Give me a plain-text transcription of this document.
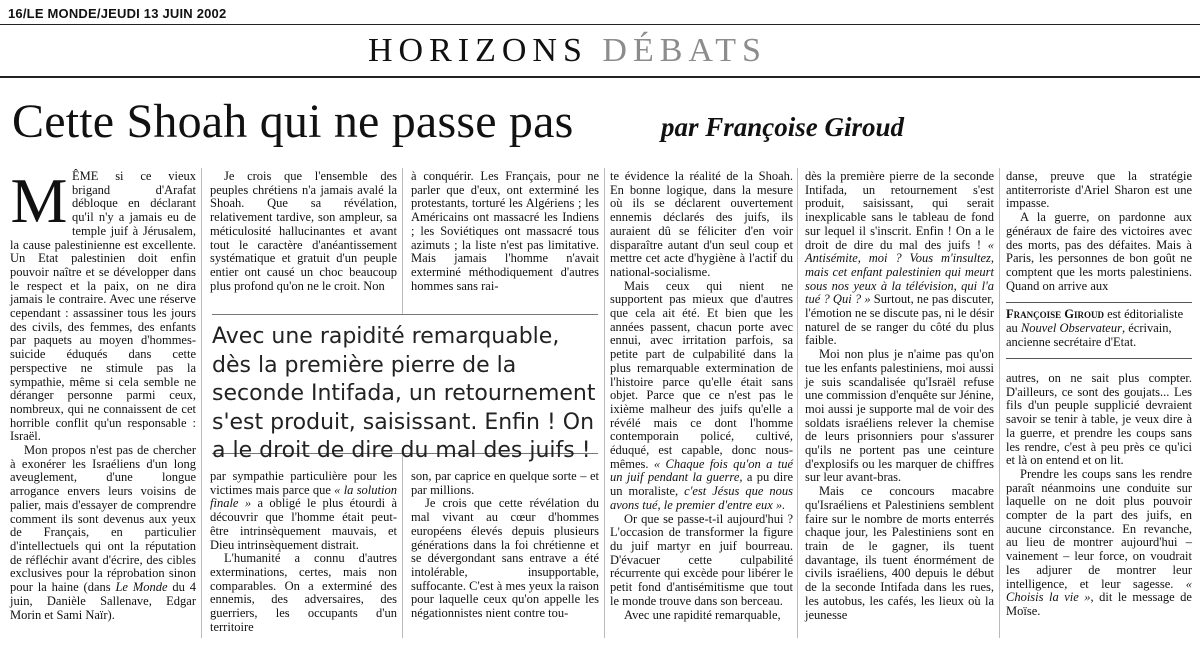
16/LE MONDE/JEUDI 13 JUIN 2002
HORIZONS DÉBATS
Cette Shoah qui ne passe pas	par Françoise Giroud
M ÊME si ce vieux brigand d'Arafat débloque en déclarant qu'il n'y a jamais eu de temple juif à Jérusalem, la cause palestinienne est excellente. Un Etat palestinien doit enfin pouvoir naître et se développer dans le respect et la paix, on ne dira jamais le contraire. Avec une réserve cependant : assassiner tous les jours des civils, des femmes, des enfants par paquets au moyen d'hommes-suicide éduqués dans cette perspective ne stimule pas la sympathie, même si cela semble ne déranger personne parmi ceux, nombreux, qui ne connaissent de cet horrible conflit qu'un responsable : Israël.

Mon propos n'est pas de chercher à exonérer les Israéliens d'un long aveuglement, d'une longue arrogance envers leurs voisins de palier, mais d'essayer de comprendre comment ils sont devenus aux yeux de Français, en particulier d'intellectuels qui ont la réputation de réfléchir avant d'écrire, des cibles exclusives pour la réprobation sinon pour la haine (dans Le Monde du 4 juin, Danièle Sallenave, Edgar Morin et Sami Naïr).

Je crois que l'ensemble des peuples chrétiens n'a jamais avalé la Shoah. Que sa révélation, relativement tardive, son ampleur, sa méticulosité hallucinantes et avant tout le caractère d'anéantissement systématique et gratuit d'un peuple entier ont causé un choc beaucoup plus profond qu'on ne le croit. Non

à conquérir. Les Français, pour ne parler que d'eux, ont exterminé les protestants, torturé les Algériens ; les Américains ont massacré les Indiens ; les Soviétiques ont massacré tous azimuts ; la liste n'est pas limitative. Mais jamais l'homme n'avait exterminé méthodiquement d'autres hommes sans rai-

Avec une rapidité remarquable, dès la première pierre de la seconde Intifada, un retournement s'est produit, saisissant. Enfin ! On a le droit de dire du mal des juifs !

par sympathie particulière pour les victimes mais parce que « la solution finale » a obligé le plus étourdi à découvrir que l'homme était peut-être intrinsèquement mauvais, et Dieu intrinsèquement distrait.

L'humanité a connu d'autres exterminations, certes, mais non comparables. On a exterminé des ennemis, des adversaires, des guerriers, les occupants d'un territoire

son, par caprice en quelque sorte – et par millions.

Je crois que cette révélation du mal vivant au cœur d'hommes européens élevés depuis plusieurs générations dans la foi chrétienne et se dévergondant sans entrave a été intolérable, insupportable, suffocante. C'est à mes yeux la raison pour laquelle ceux qu'on appelle les négationnistes nient contre tou-

te évidence la réalité de la Shoah. En bonne logique, dans la mesure où ils se déclarent ouvertement ennemis déclarés des juifs, ils auraient dû se féliciter d'en voir disparaître autant d'un seul coup et mettre cet acte d'hygiène à l'actif du national-socialisme.

Mais ceux qui nient ne supportent pas mieux que d'autres que cela ait été. Et bien que les années passent, chacun porte avec ennui, avec irritation parfois, sa petite part de culpabilité dans la plus remarquable extermination de l'histoire parce qu'elle était sans objet. Parce que ce n'est pas le ixième malheur des juifs qu'elle a révélé mais ce dont l'homme contemporain policé, cultivé, éduqué, est capable, donc nous-mêmes. « Chaque fois qu'on a tué un juif pendant la guerre, a pu dire un moraliste, c'est Jésus que nous avons tué, le premier d'entre eux ».

Or que se passe-t-il aujourd'hui ? L'occasion de transformer la figure du juif martyr en juif bourreau. D'évacuer cette culpabilité récurrente qui excède pour libérer le petit fond d'antisémitisme que tout le monde trouve dans son berceau.

Avec une rapidité remarquable,

dès la première pierre de la seconde Intifada, un retournement s'est produit, saisissant, qui serait inexplicable sans le tableau de fond sur lequel il s'inscrit. Enfin ! On a le droit de dire du mal des juifs ! « Antisémite, moi ? Vous m'insultez, mais cet enfant palestinien qui meurt sous nos yeux à la télévision, qui l'a tué ? Qui ? » Surtout, ne pas discuter, l'émotion ne se discute pas, ni le désir naturel de se ranger du côté du plus faible.

Moi non plus je n'aime pas qu'on tue les enfants palestiniens, moi aussi je suis scandalisée qu'Israël refuse une commission d'enquête sur Jénine, moi aussi je supporte mal de voir des soldats israéliens relever la chemise de leurs prisonniers pour s'assurer qu'ils ne portent pas une ceinture d'explosifs ou les marquer de chiffres sur leur avant-bras.

Mais ce concours macabre qu'Israéliens et Palestiniens semblent faire sur le nombre de morts enterrés chaque jour, les Palestiniens sont en train de le gagner, ils tuent davantage, ils tuent énormément de civils israéliens, 400 depuis le début de la seconde Intifada dans les rues, les autobus, les cafés, les lieux où la jeunesse

danse, preuve que la stratégie antiterroriste d'Ariel Sharon est une impasse.

A la guerre, on pardonne aux généraux de faire des victoires avec des morts, pas des défaites. Mais à Paris, les personnes de bon goût ne comptent que les morts palestiniens. Quand on arrive aux

Françoise Giroud est éditorialiste au Nouvel Observateur, écrivain, ancienne secrétaire d'Etat.

autres, on ne sait plus compter. D'ailleurs, ce sont des goujats... Les fils d'un peuple supplicié devraient savoir se tenir à table, je veux dire à la guerre, et prendre les coups sans les rendre, c'est à peu près ce qu'ici et là on entend et on lit.

Prendre les coups sans les rendre paraît néanmoins une conduite sur laquelle on ne doit plus pouvoir compter de la part des juifs, en aucune circonstance. En revanche, au lieu de montrer aujourd'hui – vainement – leur force, on voudrait les adjurer de montrer leur intelligence, et leur sagesse. « Choisis la vie », dit le message de Moïse.
